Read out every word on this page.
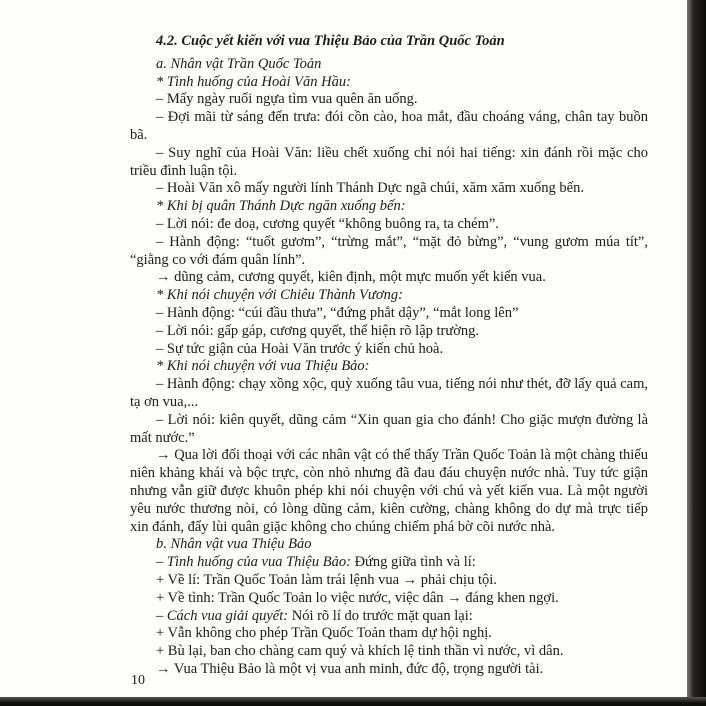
4.2. Cuộc yết kiến với vua Thiệu Bảo của Trần Quốc Toản

a. Nhân vật Trần Quốc Toản

* Tình huống của Hoài Văn Hầu:

– Mấy ngày ruổi ngựa tìm vua quên ăn uống.

– Đợi mãi từ sáng đến trưa: đói cồn cào, hoa mắt, đầu choáng váng, chân tay buồn bã.

– Suy nghĩ của Hoài Văn: liều chết xuống chỉ nói hai tiếng: xin đánh rồi mặc cho triều đình luận tội.

– Hoài Văn xô mấy người lính Thánh Dực ngã chúi, xăm xăm xuống bến.

* Khi bị quân Thánh Dực ngăn xuống bến:

– Lời nói: đe doạ, cương quyết “không buông ra, ta chém”.

– Hành động: “tuốt gươm”, “trừng mắt”, “mặt đỏ bừng”, “vung gươm múa tít”, “giằng co với đám quân lính”.

→ dũng cảm, cương quyết, kiên định, một mực muốn yết kiến vua.

* Khi nói chuyện với Chiêu Thành Vương:

– Hành động: “cúi đầu thưa”, “đứng phắt dậy”, “mắt long lên”

– Lời nói: gấp gáp, cương quyết, thể hiện rõ lập trường.

– Sự tức giận của Hoài Văn trước ý kiến chủ hoà.

* Khi nói chuyện với vua Thiệu Bảo:

– Hành động: chạy xồng xộc, quỳ xuống tâu vua, tiếng nói như thét, đỡ lấy quả cam, tạ ơn vua,...

– Lời nói: kiên quyết, dũng cảm “Xin quan gia cho đánh! Cho giặc mượn đường là mất nước.”

→ Qua lời đối thoại với các nhân vật có thể thấy Trần Quốc Toản là một chàng thiếu niên khảng khái và bộc trực, còn nhỏ nhưng đã đau đáu chuyện nước nhà. Tuy tức giận nhưng vẫn giữ được khuôn phép khi nói chuyện với chú và yết kiến vua. Là một người yêu nước thương nòi, có lòng dũng cảm, kiên cường, chàng không do dự mà trực tiếp xin đánh, đẩy lùi quân giặc không cho chúng chiếm phá bờ cõi nước nhà.

b. Nhân vật vua Thiệu Bảo

– Tình huống của vua Thiệu Bảo: Đứng giữa tình và lí:

+ Về lí: Trần Quốc Toản làm trái lệnh vua → phải chịu tội.

+ Về tình: Trần Quốc Toản lo việc nước, việc dân → đáng khen ngợi.

– Cách vua giải quyết: Nói rõ lí do trước mặt quan lại:

+ Vẫn không cho phép Trần Quốc Toản tham dự hội nghị.

+ Bù lại, ban cho chàng cam quý và khích lệ tinh thần vì nước, vì dân.

→ Vua Thiệu Bảo là một vị vua anh minh, đức độ, trọng người tài.

10
